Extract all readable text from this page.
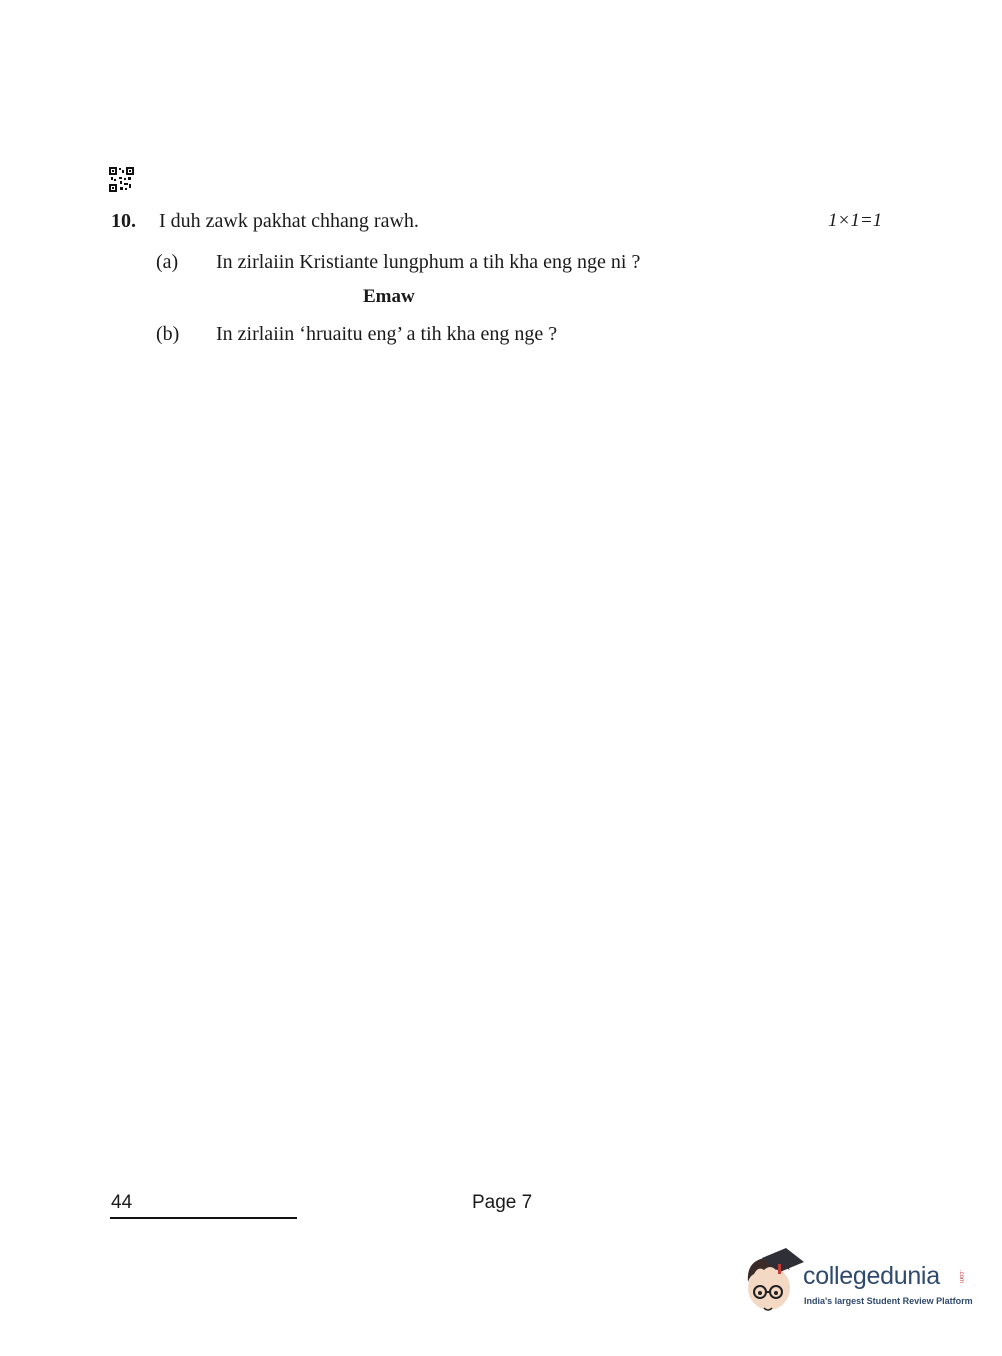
10. I duh zawk pakhat chhang rawh.	1×1=1
(a) In zirlaiin Kristiante lungphum a tih kha eng nge ni ?
Emaw
(b) In zirlaiin ‘hruaitu eng’ a tih kha eng nge ?
44	Page 7
collegedunia	.com
India's largest Student Review Platform
